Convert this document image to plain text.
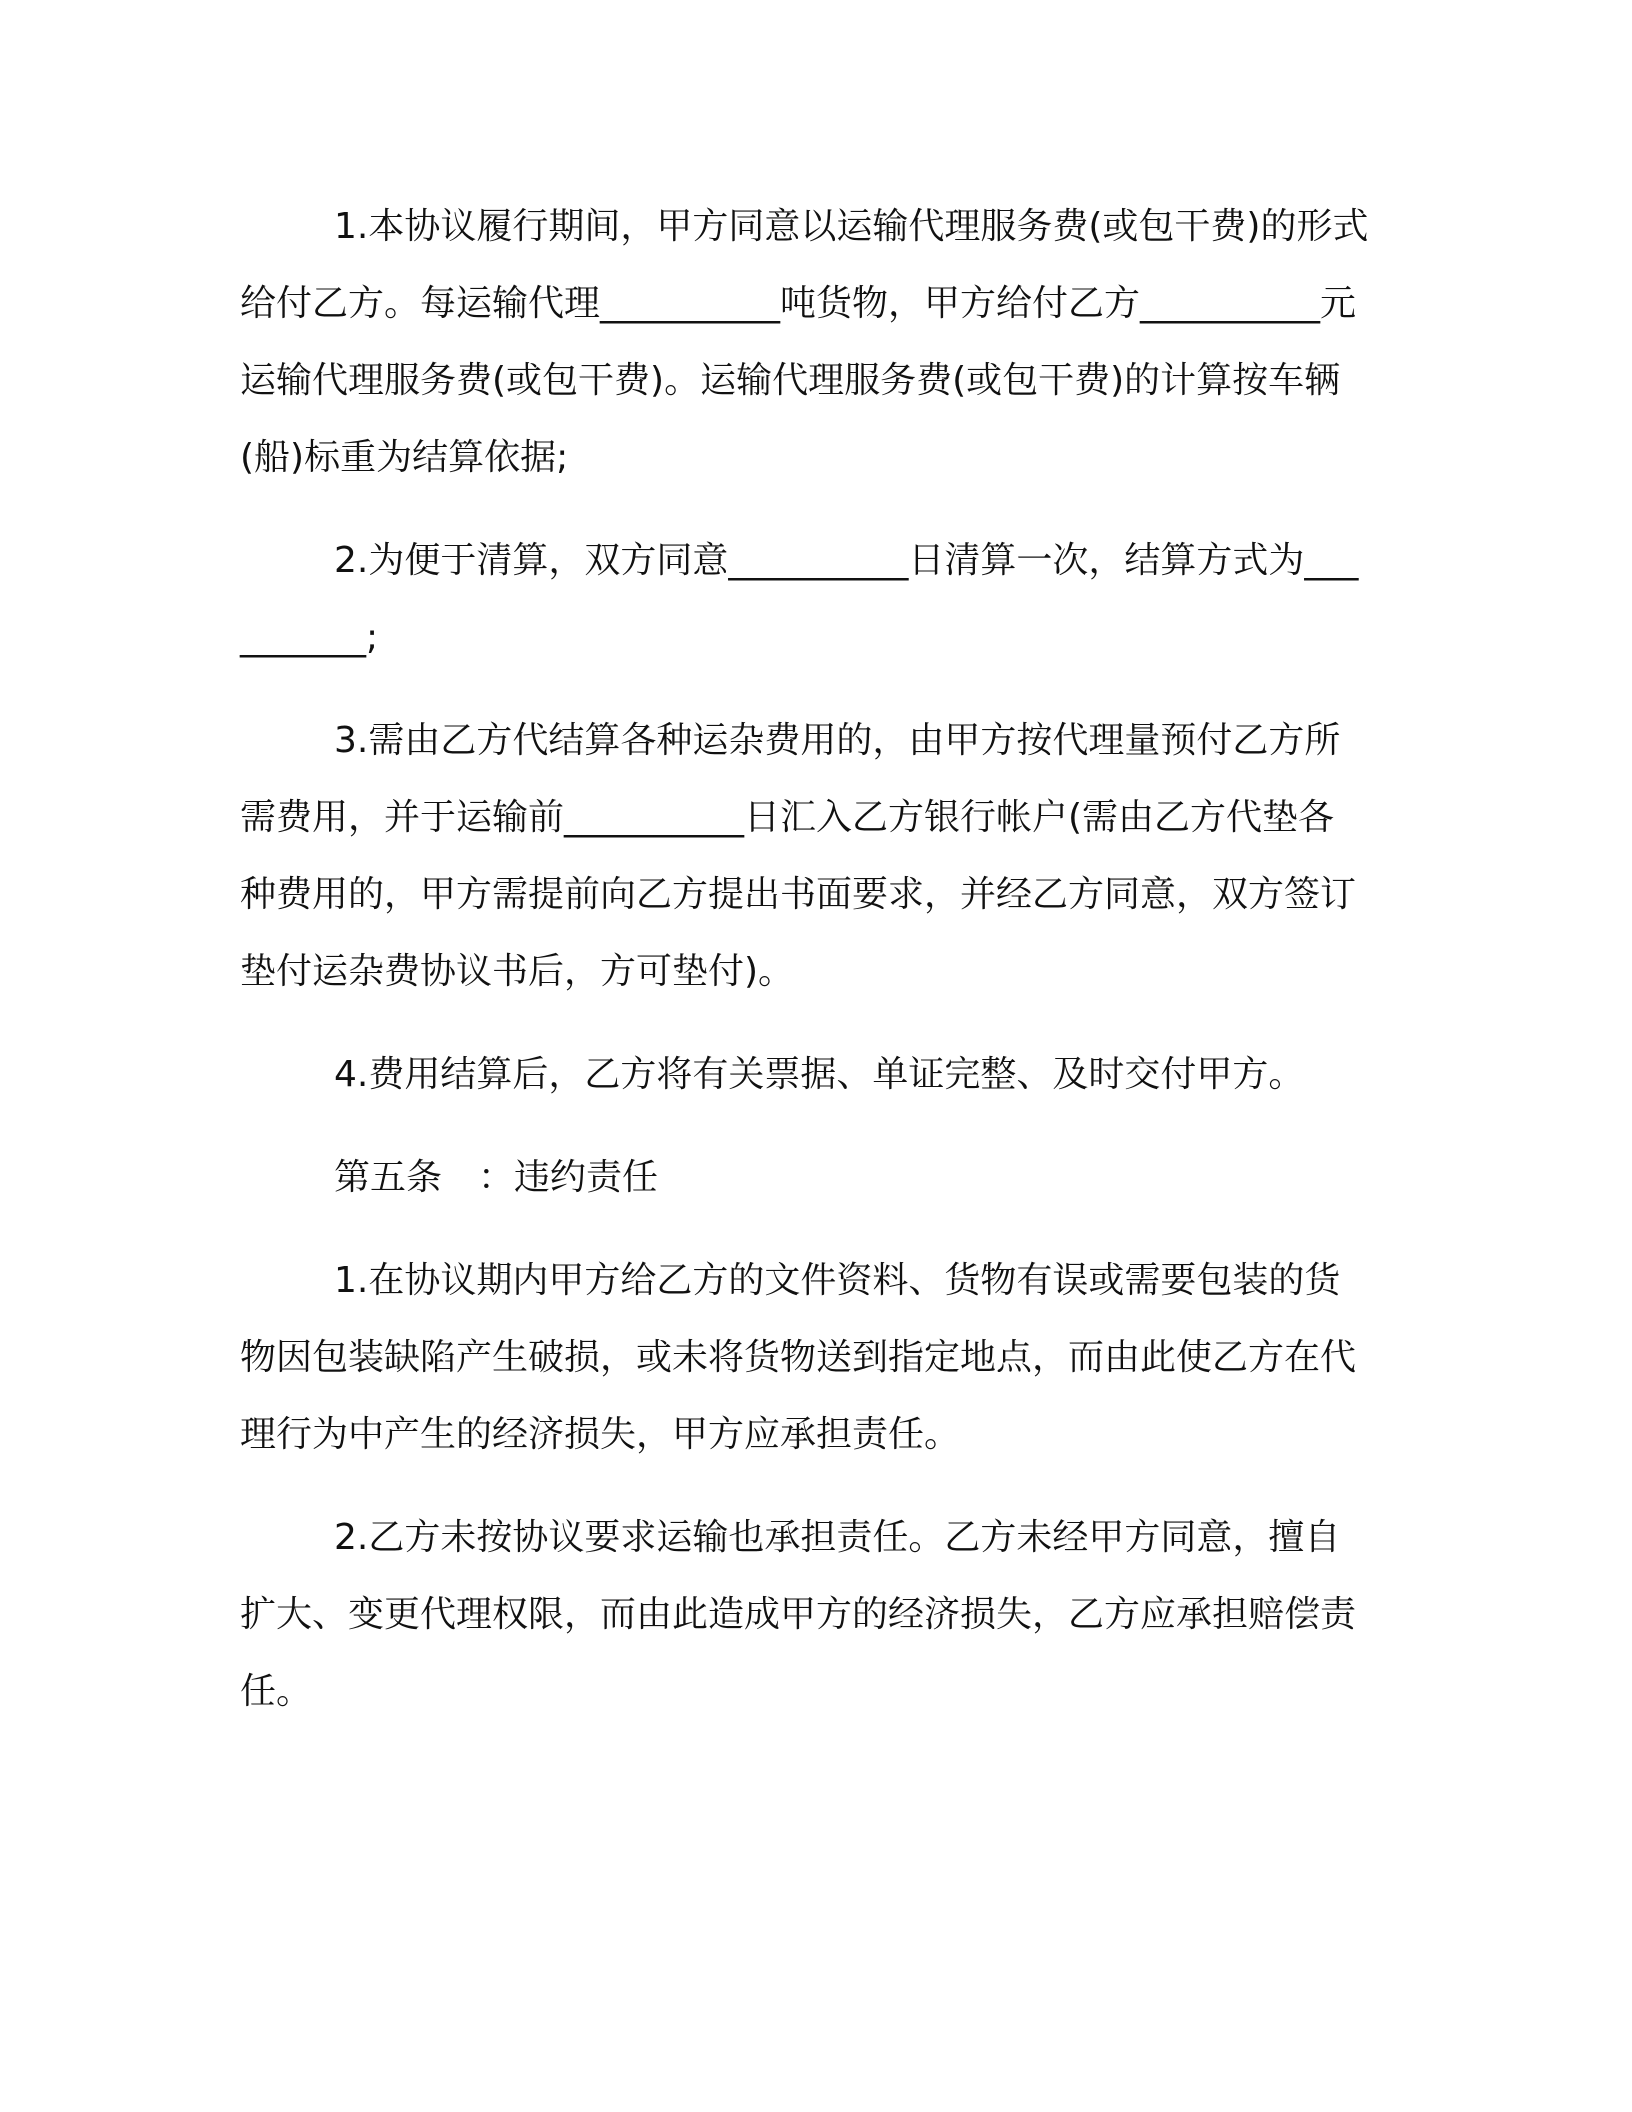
1.本协议履行期间，甲方同意以运输代理服务费(或包干费)的形式给付乙方。每运输代理__________吨货物，甲方给付乙方__________元运输代理服务费(或包干费)。运输代理服务费(或包干费)的计算按车辆(船)标重为结算依据;

2.为便于清算，双方同意__________日清算一次，结算方式为__________;

3.需由乙方代结算各种运杂费用的，由甲方按代理量预付乙方所需费用，并于运输前__________日汇入乙方银行帐户(需由乙方代垫各种费用的，甲方需提前向乙方提出书面要求，并经乙方同意，双方签订垫付运杂费协议书后，方可垫付)。

4.费用结算后，乙方将有关票据、单证完整、及时交付甲方。

第五条　：违约责任

1.在协议期内甲方给乙方的文件资料、货物有误或需要包装的货物因包装缺陷产生破损，或未将货物送到指定地点，而由此使乙方在代理行为中产生的经济损失，甲方应承担责任。

2.乙方未按协议要求运输也承担责任。乙方未经甲方同意，擅自扩大、变更代理权限，而由此造成甲方的经济损失，乙方应承担赔偿责任。
